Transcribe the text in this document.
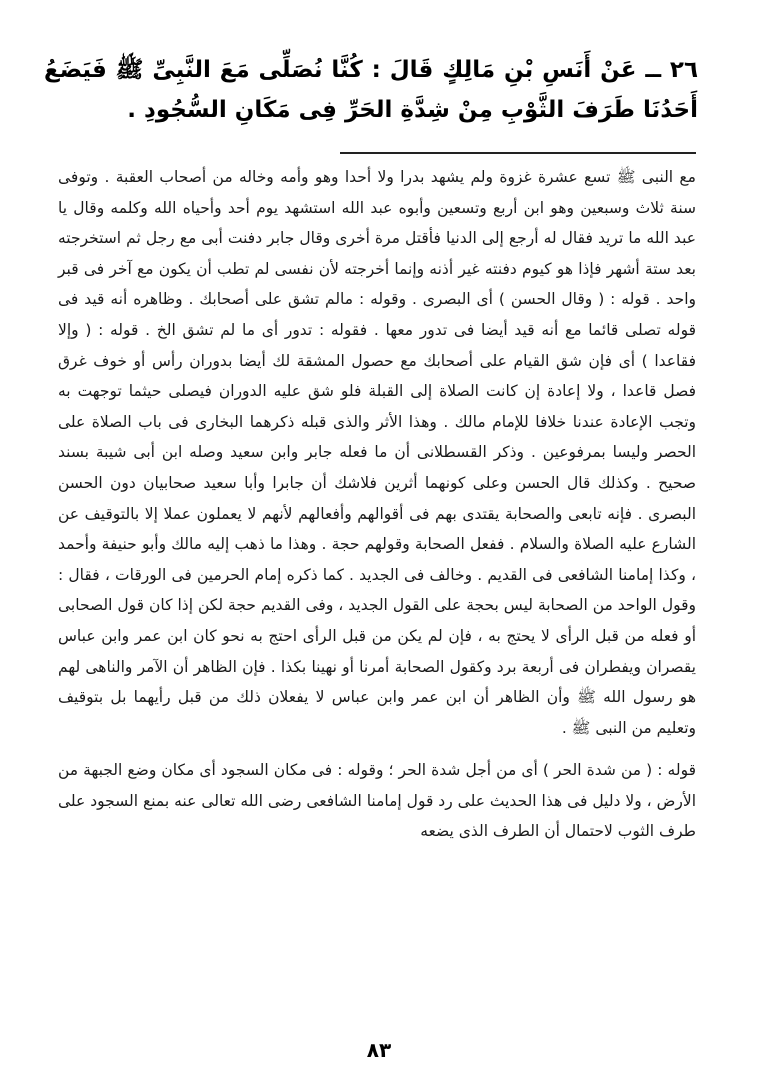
٢٦ ــ عَنْ أَنَسِ بْنِ مَالِكٍ قَالَ : كُنَّا نُصَلِّى مَعَ النَّبِىِّ ﷺ فَيَضَعُ أَحَدُنَا طَرَفَ الثَّوْبِ مِنْ شِدَّةِ الحَرِّ فِى مَكَانِ السُّجُودِ .

مع النبى ﷺ تسع عشرة غزوة ولم يشهد بدرا ولا أحدا وهو وأمه وخاله من أصحاب العقبة . وتوفى سنة ثلاث وسبعين وهو ابن أربع وتسعين وأبوه عبد الله استشهد يوم أحد وأحياه الله وكلمه وقال يا عبد الله ما تريد فقال له أرجع إلى الدنيا فأقتل مرة أخرى وقال جابر دفنت أبى مع رجل ثم استخرجته بعد ستة أشهر فإذا هو كيوم دفنته غير أذنه وإنما أخرجته لأن نفسى لم تطب أن يكون مع آخر فى قبر واحد . قوله : ( وقال الحسن ) أى البصرى . وقوله : مالم تشق على أصحابك . وظاهره أنه قيد فى قوله تصلى قائما مع أنه قيد أيضا فى تدور معها . فقوله : تدور أى ما لم تشق الخ . قوله : ( وإلا فقاعدا ) أى فإن شق القيام على أصحابك مع حصول المشقة لك أيضا بدوران رأس أو خوف غرق فصل قاعدا ، ولا إعادة إن كانت الصلاة إلى القبلة فلو شق عليه الدوران فيصلى حيثما توجهت به وتجب الإعادة عندنا خلافا للإمام مالك . وهذا الأثر والذى قبله ذكرهما البخارى فى باب الصلاة على الحصر وليسا بمرفوعين . وذكر القسطلانى أن ما فعله جابر وابن سعيد وصله ابن أبى شيبة بسند صحيح . وكذلك قال الحسن وعلى كونهما أثرين فلاشك أن جابرا وأبا سعيد صحابيان دون الحسن البصرى . فإنه تابعى والصحابة يقتدى بهم فى أقوالهم وأفعالهم لأنهم لا يعملون عملا إلا بالتوقيف عن الشارع عليه الصلاة والسلام . ففعل الصحابة وقولهم حجة . وهذا ما ذهب إليه مالك وأبو حنيفة وأحمد ، وكذا إمامنا الشافعى فى القديم . وخالف فى الجديد . كما ذكره إمام الحرمين فى الورقات ، فقال : وقول الواحد من الصحابة ليس بحجة على القول الجديد ، وفى القديم حجة لكن إذا كان قول الصحابى أو فعله من قبل الرأى لا يحتج به ، فإن لم يكن من قبل الرأى احتج به نحو كان ابن عمر وابن عباس يقصران ويفطران فى أربعة برد وكقول الصحابة أمرنا أو نهينا بكذا . فإن الظاهر أن الآمر والناهى لهم هو رسول الله ﷺ وأن الظاهر أن ابن عمر وابن عباس لا يفعلان ذلك من قبل رأيهما بل بتوقيف وتعليم من النبى ﷺ .

قوله : ( من شدة الحر ) أى من أجل شدة الحر ؛ وقوله : فى مكان السجود أى مكان وضع الجبهة من الأرض ، ولا دليل فى هذا الحديث على رد قول إمامنا الشافعى رضى الله تعالى عنه بمنع السجود على طرف الثوب لاحتمال أن الطرف الذى يضعه

٨٣
